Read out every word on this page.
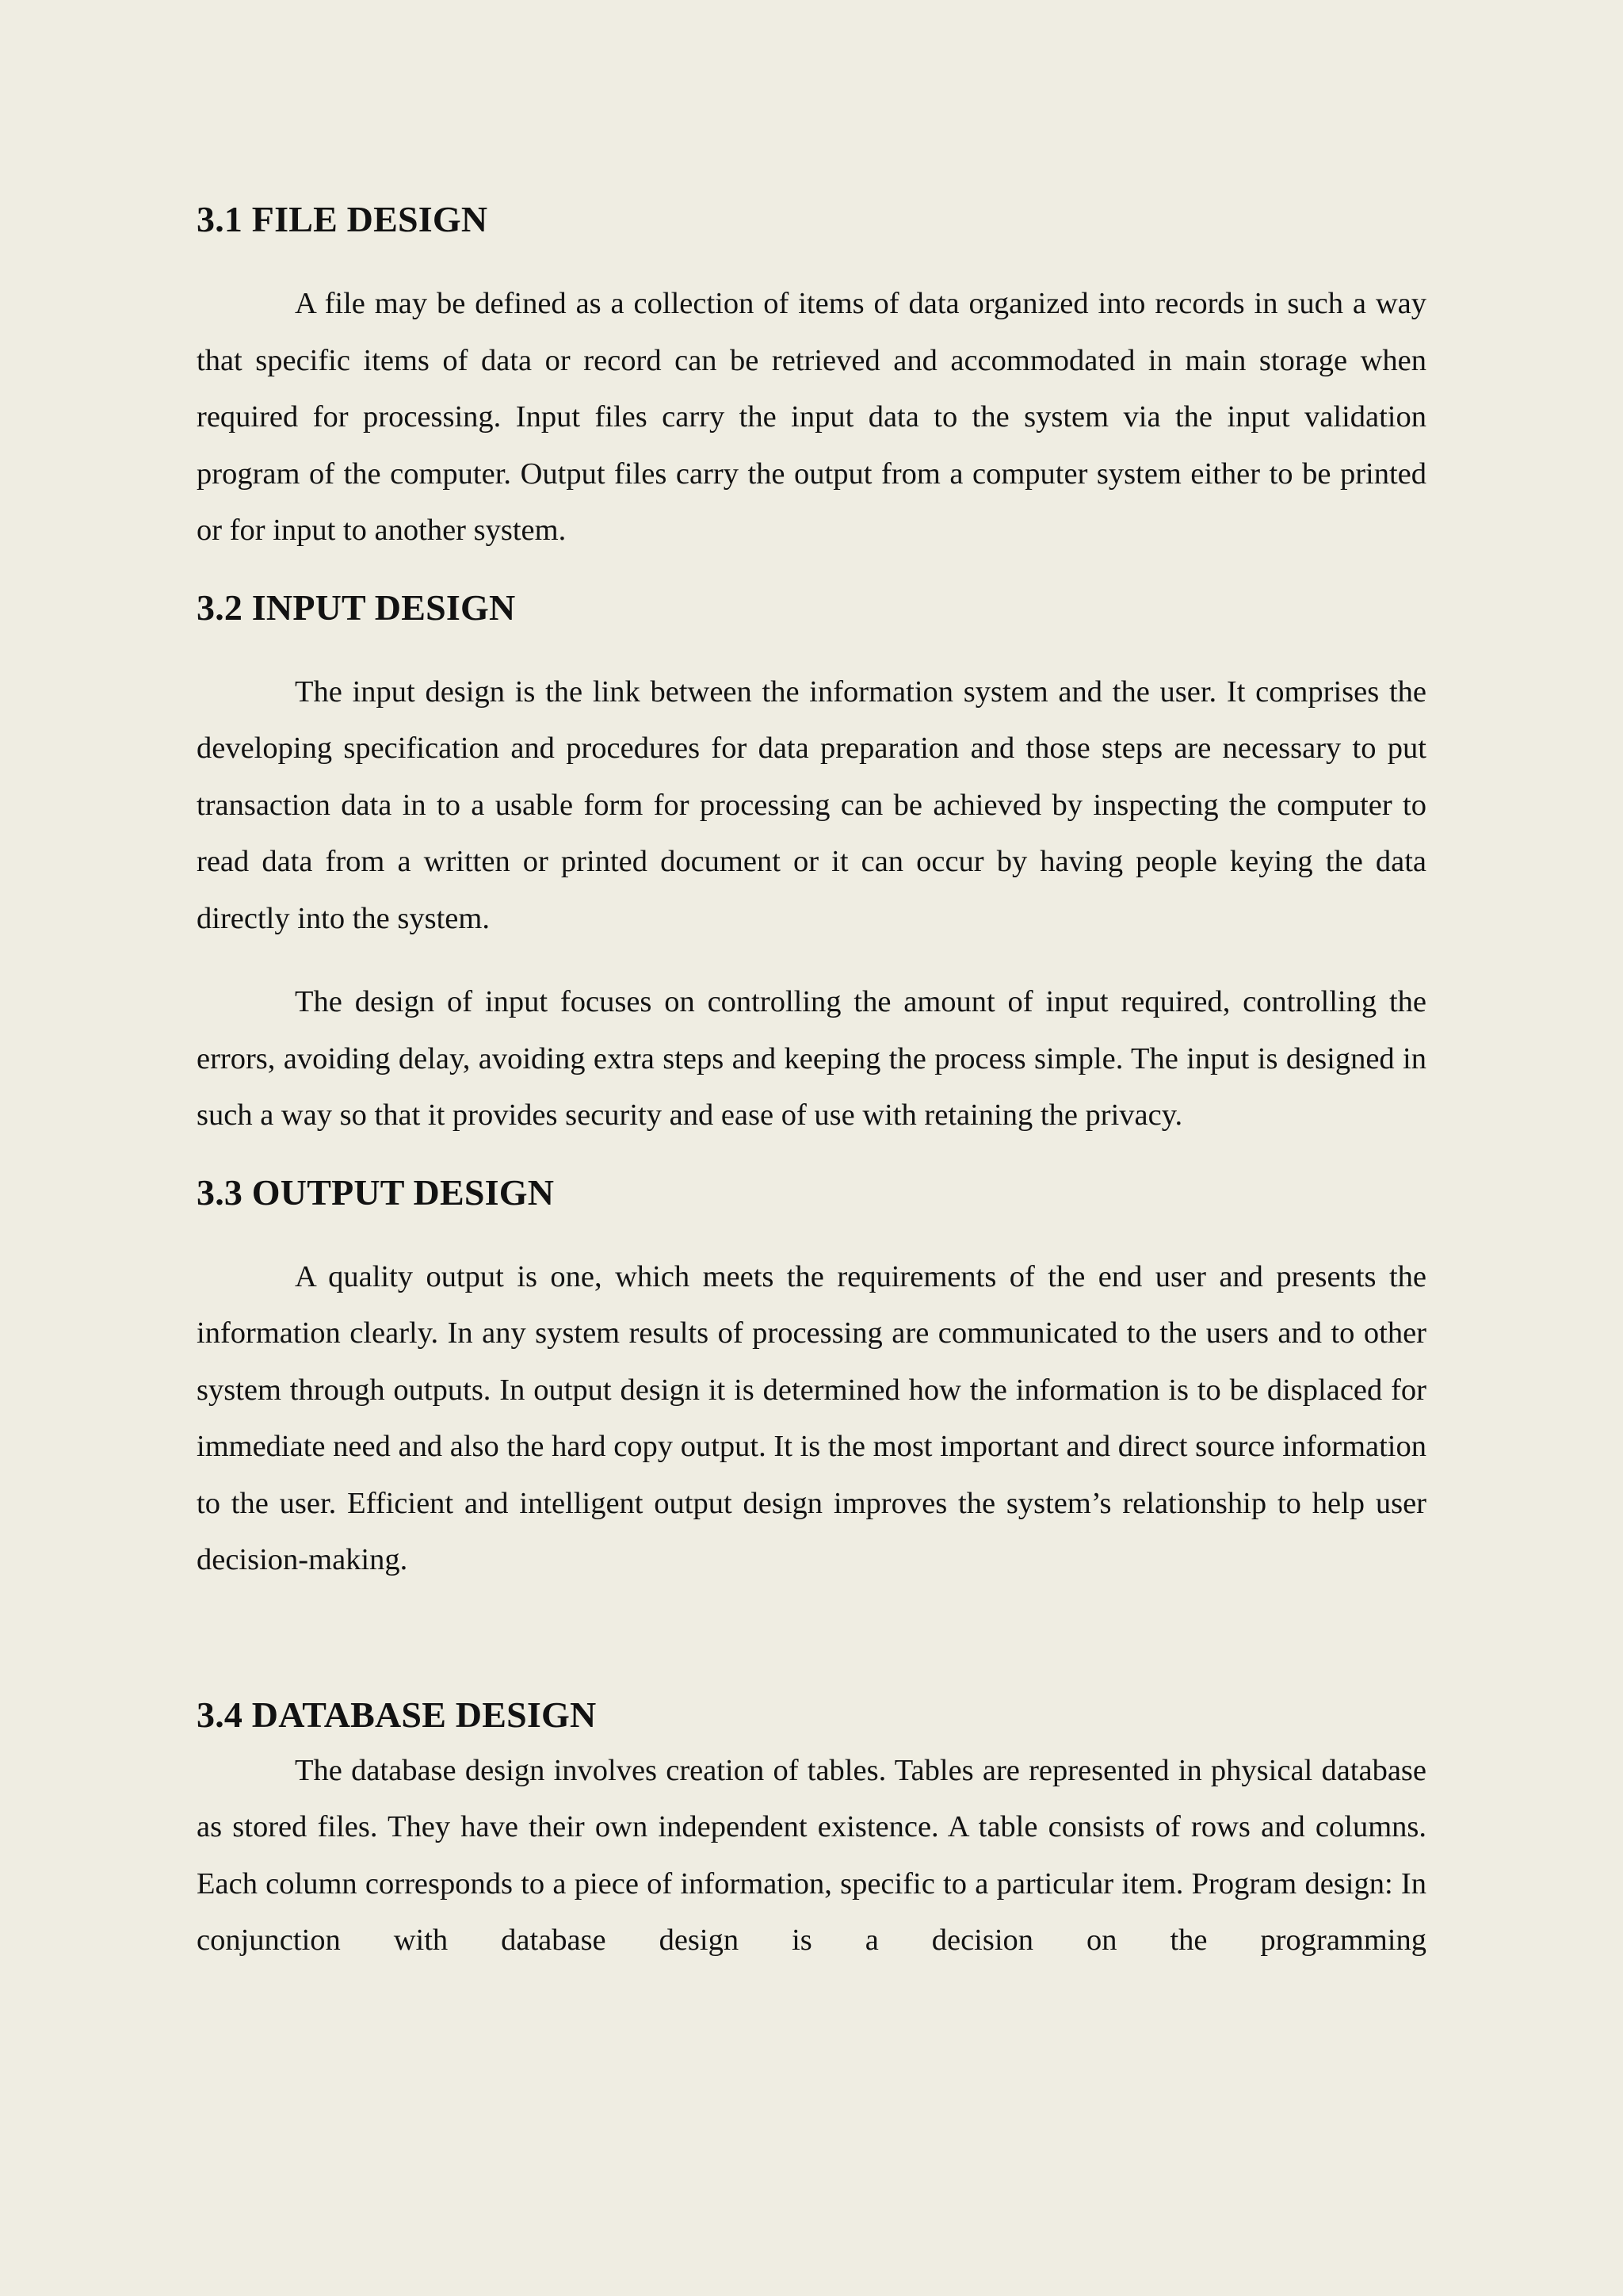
3.1 FILE DESIGN

A file may be defined as a collection of items of data organized into records in such a way that specific items of data or record can be retrieved and accommodated in main storage when required for processing. Input files carry the input data to the system via the input validation program of the computer. Output files carry the output from a computer system either to be printed or for input to another system.

3.2 INPUT DESIGN

The input design is the link between the information system and the user. It comprises the developing specification and procedures for data preparation and those steps are necessary to put transaction data in to a usable form for processing can be achieved by inspecting the computer to read data from a written or printed document or it can occur by having people keying the data directly into the system.

The design of input focuses on controlling the amount of input required, controlling the errors, avoiding delay, avoiding extra steps and keeping the process simple. The input is designed in such a way so that it provides security and ease of use with retaining the privacy.

3.3 OUTPUT DESIGN

A quality output is one, which meets the requirements of the end user and presents the information clearly. In any system results of processing are communicated to the users and to other system through outputs. In output design it is determined how the information is to be displaced for immediate need and also the hard copy output. It is the most important and direct source information to the user. Efficient and intelligent output design improves the system’s relationship to help user decision-making.

3.4 DATABASE DESIGN

The database design involves creation of tables. Tables are represented in physical database as stored files. They have their own independent existence. A table consists of rows and columns. Each column corresponds to a piece of information, specific to a particular item. Program design: In conjunction with database design is a decision on the programming
